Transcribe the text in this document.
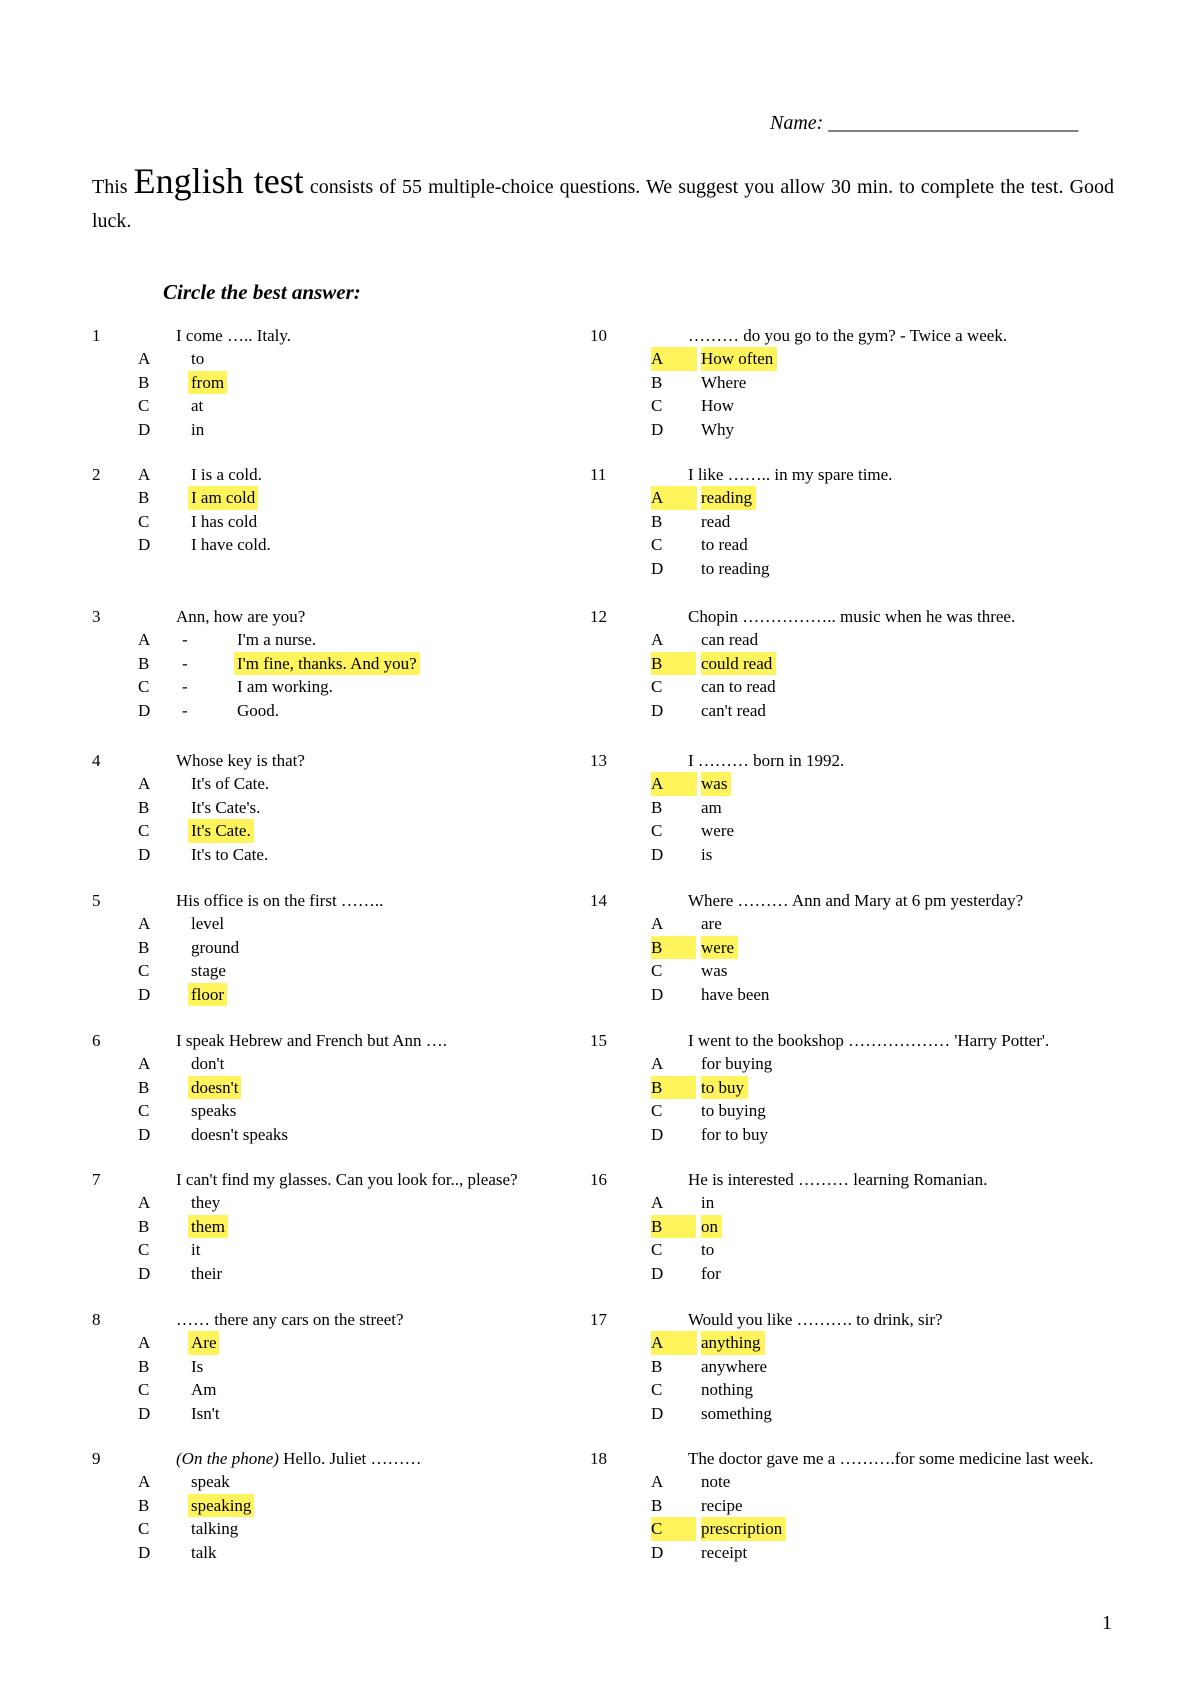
Name: _________________________
This English test consists of 55 multiple-choice questions. We suggest you allow 30 min. to complete the test. Good luck.
Circle the best answer:
1	I come ….. Italy.
A to
B from
C at
D in
2 A I is a cold.
B I am cold
C I has cold
D I have cold.
3	Ann, how are you?
A -	I'm a nurse.
B -	I'm fine, thanks. And you?
C -	I am working.
D -	Good.
4	Whose key is that?
A It's of Cate.
B It's Cate's.
C It's Cate.
D It's to Cate.
5	His office is on the first ……..
A level
B ground
C stage
D floor
6	I speak Hebrew and French but Ann ….
A don't
B doesn't
C speaks
D doesn't speaks
7	I can't find my glasses. Can you look for.., please?
A they
B them
C it
D their
8	…… there any cars on the street?
A Are
B Is
C Am
D Isn't
9	(On the phone) Hello. Juliet ………
A speak
B speaking
C talking
D talk
10	……… do you go to the gym? - Twice a week.
A	How often
B Where
C How
D Why
11	I like …….. in my spare time.
A	reading
B read
C to read
D to reading
12	Chopin …………….. music when he was three.
A can read
B	could read
C can to read
D can't read
13	I ……… born in 1992.
A	was
B am
C were
D is
14	Where ……… Ann and Mary at 6 pm yesterday?
A are
B	were
C was
D have been
15	I went to the bookshop ……………… 'Harry Potter'.
A for buying
B	to buy
C to buying
D for to buy
16	He is interested ……… learning Romanian.
A in
B	on
C to
D for
17	Would you like ………. to drink, sir?
A	anything
B anywhere
C nothing
D something
18	The doctor gave me a ……….for some medicine last week.
A note
B recipe
C	prescription
D receipt
1
